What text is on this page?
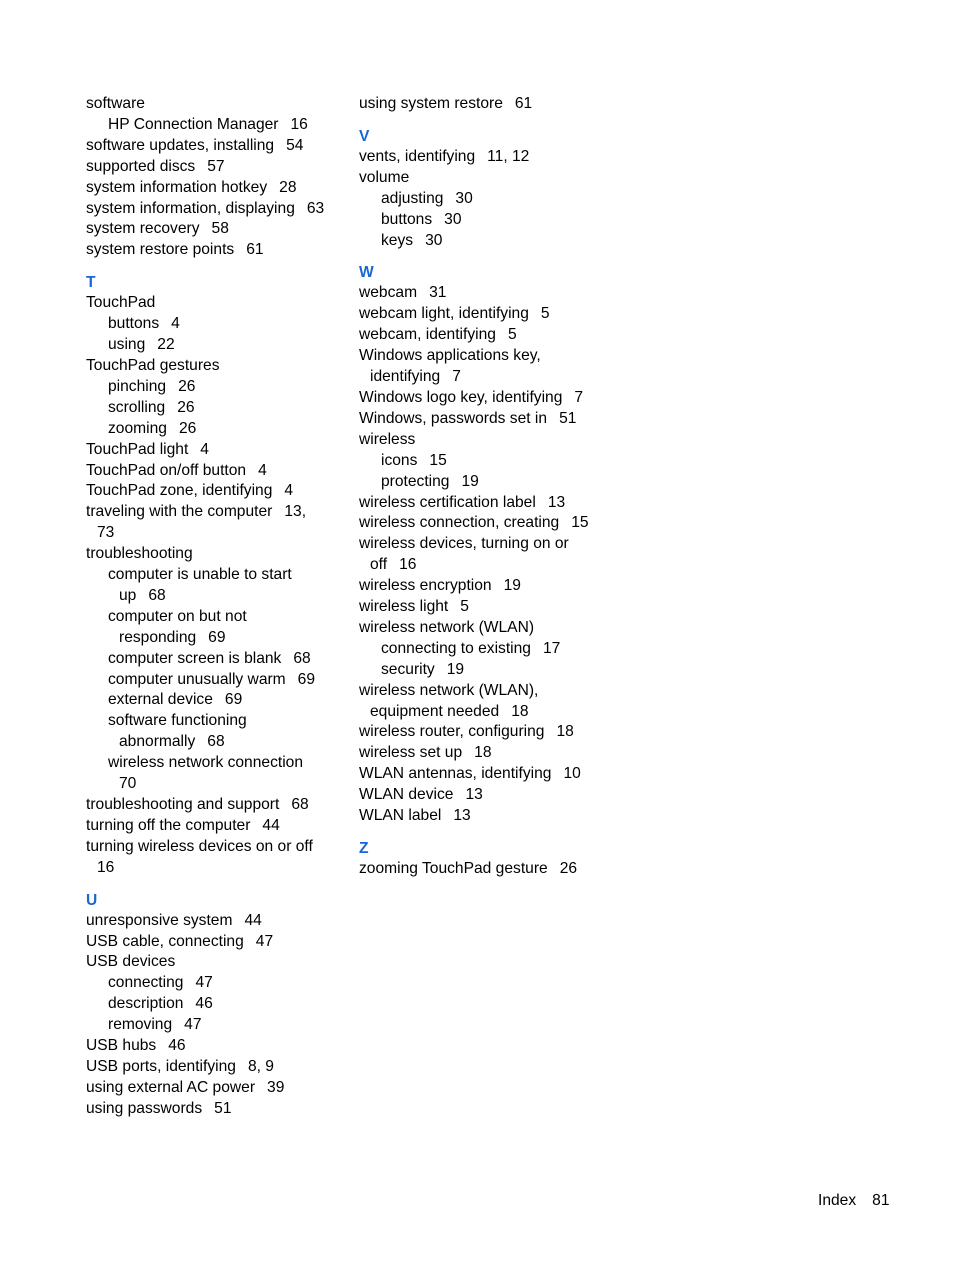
software
HP Connection Manager 16
software updates, installing 54
supported discs 57
system information hotkey 28
system information, displaying 63
system recovery 58
system restore points 61
T
TouchPad
buttons 4
using 22
TouchPad gestures
pinching 26
scrolling 26
zooming 26
TouchPad light 4
TouchPad on/off button 4
TouchPad zone, identifying 4
traveling with the computer 13,
73
troubleshooting
computer is unable to start
up 68
computer on but not
responding 69
computer screen is blank 68
computer unusually warm 69
external device 69
software functioning
abnormally 68
wireless network connection
70
troubleshooting and support 68
turning off the computer 44
turning wireless devices on or off
16
U
unresponsive system 44
USB cable, connecting 47
USB devices
connecting 47
description 46
removing 47
USB hubs 46
USB ports, identifying 8, 9
using external AC power 39
using passwords 51
using system restore 61
V
vents, identifying 11, 12
volume
adjusting 30
buttons 30
keys 30
W
webcam 31
webcam light, identifying 5
webcam, identifying 5
Windows applications key,
identifying 7
Windows logo key, identifying 7
Windows, passwords set in 51
wireless
icons 15
protecting 19
wireless certification label 13
wireless connection, creating 15
wireless devices, turning on or
off 16
wireless encryption 19
wireless light 5
wireless network (WLAN)
connecting to existing 17
security 19
wireless network (WLAN),
equipment needed 18
wireless router, configuring 18
wireless set up 18
WLAN antennas, identifying 10
WLAN device 13
WLAN label 13
Z
zooming TouchPad gesture 26
Index 81
